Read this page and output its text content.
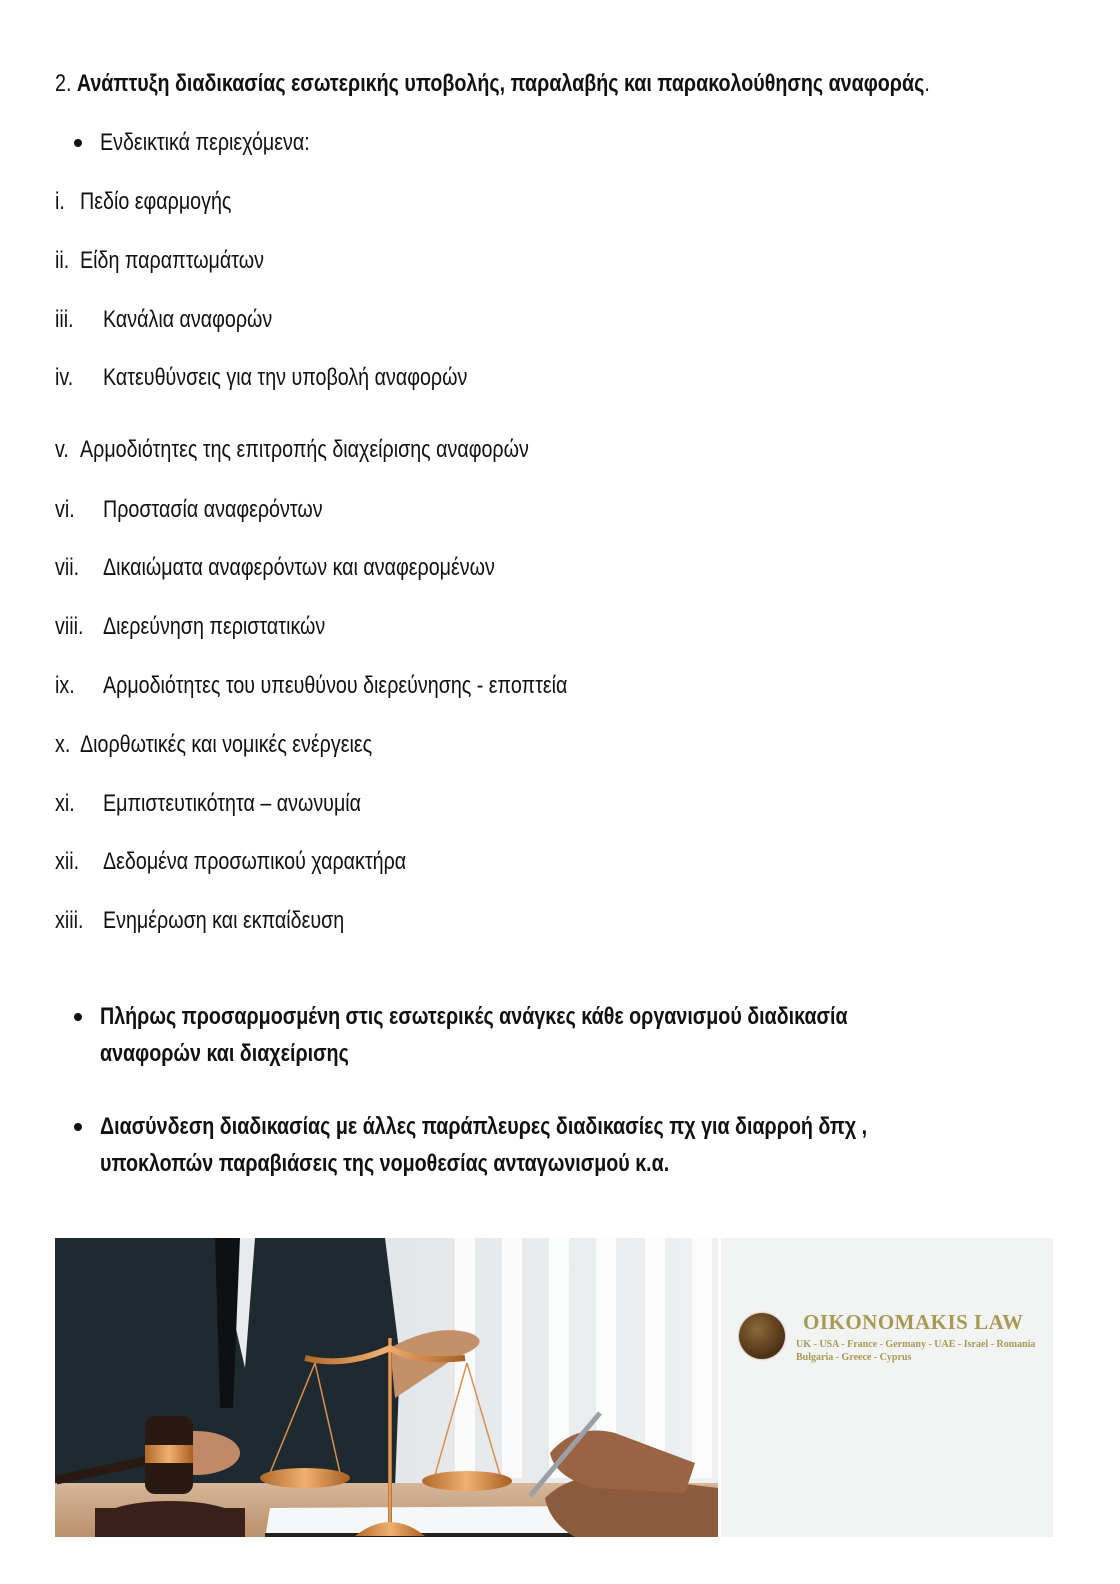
2. Ανάπτυξη διαδικασίας εσωτερικής υποβολής, παραλαβής και παρακολούθησης αναφοράς.
Ενδεικτικά περιεχόμενα:
i. Πεδίο εφαρμογής
ii. Είδη παραπτωμάτων
iii. Κανάλια αναφορών
iv. Κατευθύνσεις για την υποβολή αναφορών
v. Αρμοδιότητες της επιτροπής διαχείρισης αναφορών
vi. Προστασία αναφερόντων
vii. Δικαιώματα αναφερόντων και αναφερομένων
viii. Διερεύνηση περιστατικών
ix. Αρμοδιότητες του υπευθύνου διερεύνησης - εποπτεία
x. Διορθωτικές και νομικές ενέργειες
xi. Εμπιστευτικότητα – ανωνυμία
xii. Δεδομένα προσωπικού χαρακτήρα
xiii. Ενημέρωση και εκπαίδευση
Πλήρως προσαρμοσμένη στις εσωτερικές ανάγκες κάθε οργανισμού διαδικασία
αναφορών και διαχείρισης
Διασύνδεση διαδικασίας με άλλες παράπλευρες διαδικασίες πχ για διαρροή δπχ ,
υποκλοπών παραβιάσεις της νομοθεσίας ανταγωνισμού κ.α.
OIKONOMAKIS LAW
UK - USA - France - Germany - UAE - Israel - Romania
Bulgaria - Greece - Cyprus
